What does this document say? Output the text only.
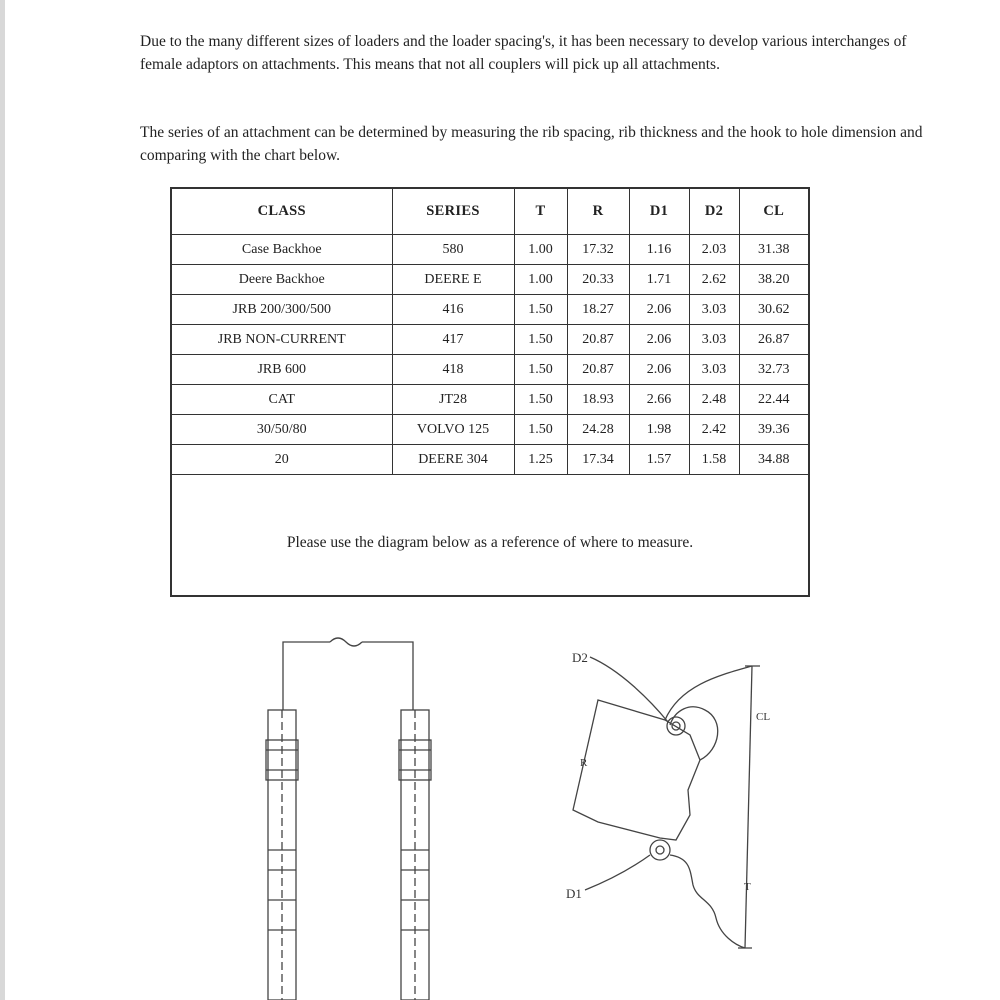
Due to the many different sizes of loaders and the loader spacing's, it has been necessary to develop various interchanges of female adaptors on attachments. This means that not all couplers will pick up all attachments.

The series of an attachment can be determined by measuring the rib spacing, rib thickness and the hook to hole dimension and comparing with the chart below.

CLASS	SERIES	T	R	D1	D2	CL
Case Backhoe	580	1.00	17.32	1.16	2.03	31.38
Deere Backhoe	DEERE E	1.00	20.33	1.71	2.62	38.20
JRB 200/300/500	416	1.50	18.27	2.06	3.03	30.62
JRB NON-CURRENT	417	1.50	20.87	2.06	3.03	26.87
JRB 600	418	1.50	20.87	2.06	3.03	32.73
CAT	JT28	1.50	18.93	2.66	2.48	22.44
30/50/80	VOLVO 125	1.50	24.28	1.98	2.42	39.36
20	DEERE 304	1.25	17.34	1.57	1.58	34.88
Please use the diagram below as a reference of where to measure.
D2
D1
CL
T
R
